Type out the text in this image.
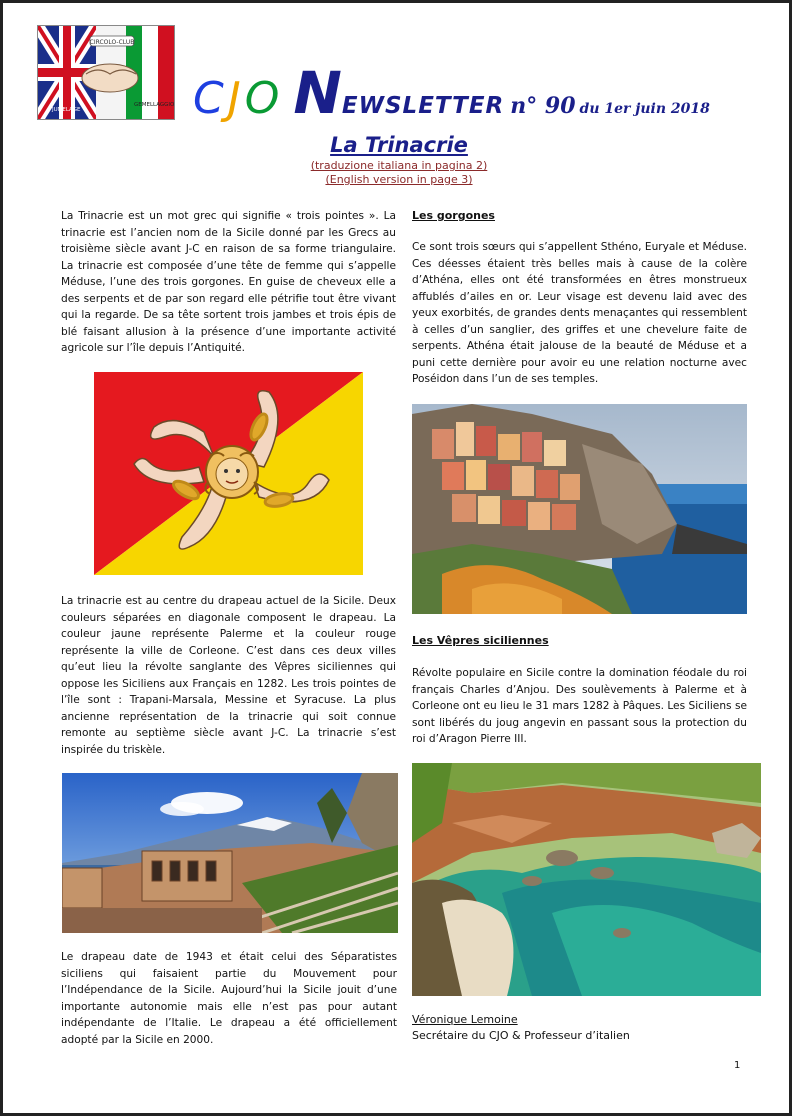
CIRCOLO-CLUB
JUMELAGE
GEMELLAGGIO CJO NEWSLETTER n° 90 du 1er juin 2018
La Trinacrie
(traduzione italiana in pagina 2)
(English version in page 3)
La Trinacrie est un mot grec qui signifie « trois pointes ». La trinacrie est l’ancien nom de la Sicile donné par les Grecs au troisième siècle avant J-C en raison de sa forme triangulaire. La trinacrie est composée d’une tête de femme qui s’appelle Méduse, l’une des trois gorgones. En guise de cheveux elle a des serpents et de par son regard elle pétrifie tout être vivant qui la regarde. De sa tête sortent trois jambes et trois épis de blé faisant allusion à la présence d’une importante activité agricole sur l’île depuis l’Antiquité.
La trinacrie est au centre du drapeau actuel de la Sicile. Deux couleurs séparées en diagonale composent le drapeau. La couleur jaune représente Palerme et la couleur rouge représente la ville de Corleone. C’est dans ces deux villes qu’eut lieu la révolte sanglante des Vêpres siciliennes qui oppose les Siciliens aux Français en 1282. Les trois pointes de l’île sont : Trapani-Marsala, Messine et Syracuse. La plus ancienne représentation de la trinacrie qui soit connue remonte au septième siècle avant J-C. La trinacrie s’est inspirée du triskèle.
Le drapeau date de 1943 et était celui des Séparatistes siciliens qui faisaient partie du Mouvement pour l’Indépendance de la Sicile. Aujourd’hui la Sicile jouit d’une importante autonomie mais elle n’est pas pour autant indépendante de l’Italie. Le drapeau a été officiellement adopté par la Sicile en 2000.
Les gorgones
Ce sont trois sœurs qui s’appellent Sthéno, Euryale et Méduse. Ces déesses étaient très belles mais à cause de la colère d’Athéna, elles ont été transformées en êtres monstrueux affublés d’ailes en or. Leur visage est devenu laid avec des yeux exorbités, de grandes dents menaçantes qui ressemblent à celles d’un sanglier, des griffes et une chevelure faite de serpents. Athéna était jalouse de la beauté de Méduse et a puni cette dernière pour avoir eu une relation nocturne avec Poséidon dans l’un de ses temples.
Les Vêpres siciliennes
Révolte populaire en Sicile contre la domination féodale du roi français Charles d’Anjou. Des soulèvements à Palerme et à Corleone ont eu lieu le 31 mars 1282 à Pâques. Les Siciliens se sont libérés du joug angevin en passant sous la protection du roi d’Aragon Pierre III.
Véronique Lemoine
Secrétaire du CJO & Professeur d’italien
1
